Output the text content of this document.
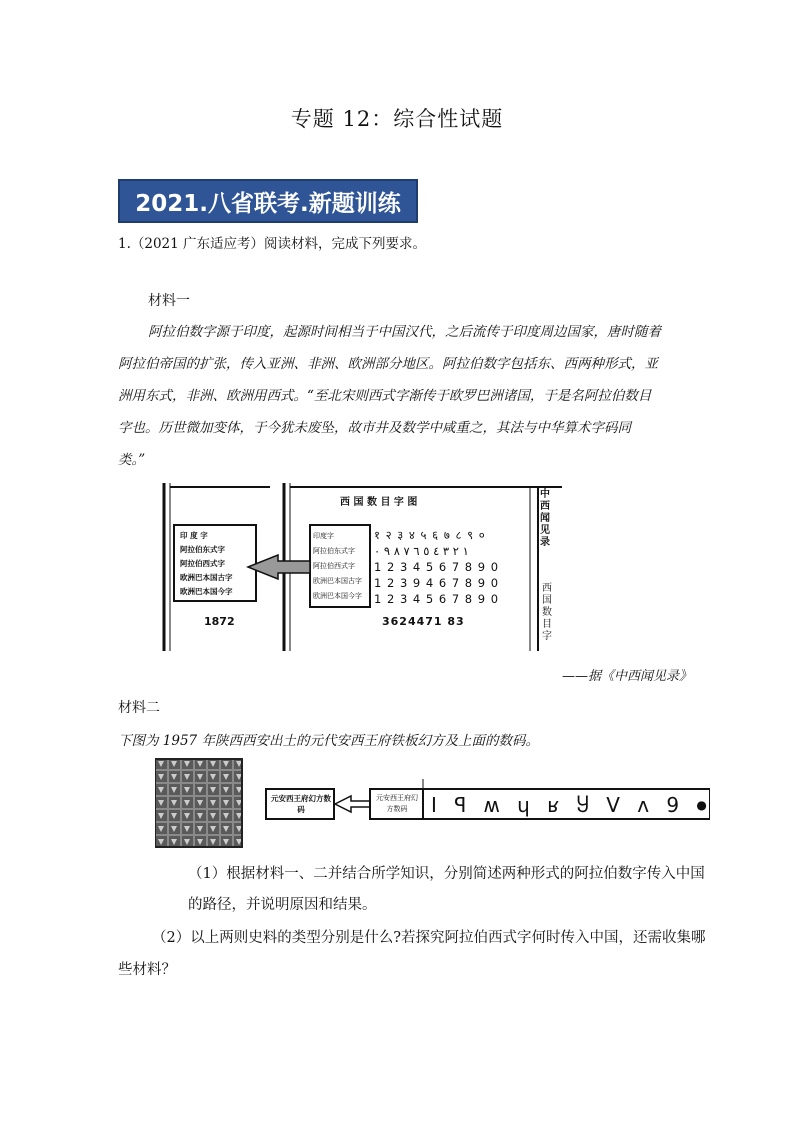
专题 12：综合性试题
2021.八省联考.新题训练
1.（2021 广东适应考）阅读材料，完成下列要求。
材料一
阿拉伯数字源于印度，起源时间相当于中国汉代，之后流传于印度周边国家，唐时随着
阿拉伯帝国的扩张，传入亚洲、非洲、欧洲部分地区。阿拉伯数字包括东、西两种形式，亚
洲用东式，非洲、欧洲用西式。“至北宋则西式字渐传于欧罗巴洲诸国，于是名阿拉伯数目
字也。历世微加变体，于今犹未废坠，故市井及数学中咸重之，其法与中华算术字码同
类。”
印 度 字
阿拉伯东式字
阿拉伯西式字
欧洲巴本国古字
欧洲巴本国今字
1872
西 国 数 目 字 图
印度字
阿拉伯东式字
阿拉伯西式字
欧洲巴本国古字
欧洲巴本国今字
१ २ ३ ४ ५ ६ ७ ८ ९ ०
١ ٢ ٣ ٤ ٥ ٦ ٧ ٨ ٩ ٠
1 2 3 4 5 6 7 8 9 0
1 2 3 9 4 6 7 8 9 0
1 2 3 4 5 6 7 8 9 0
3624471 83
中西闻见录
西国数目字
——据《中西闻见录》
材料二
下图为 1957 年陕西西安出土的元代安西王府铁板幻方及上面的数码。
元安西王府幻方数码
元安西王府幻方数码	I ꟼ ʍ ɥ ʁ Ⴘ V ʌ 9 ●
（1）根据材料一、二并结合所学知识，分别简述两种形式的阿拉伯数字传入中国
的路径，并说明原因和结果。
（2）以上两则史料的类型分别是什么?若探究阿拉伯西式字何时传入中国，还需收集哪
些材料？
